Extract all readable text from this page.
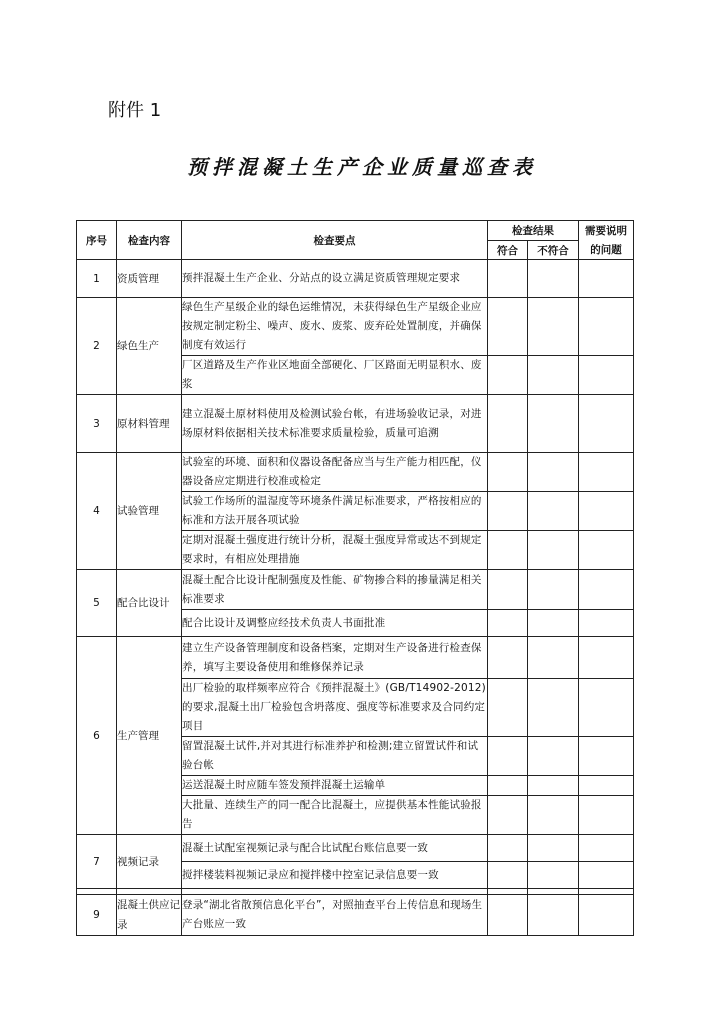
附件 1
预拌混凝土生产企业质量巡查表
序号	检查内容	检查要点	检查结果		需要说明
			符合	不符合	的问题
1	资质管理	预拌混凝土生产企业、分站点的设立满足资质管理规定要求			
2	绿色生产	绿色生产星级企业的绿色运维情况，未获得绿色生产星级企业应按规定制定粉尘、噪声、废水、废浆、废弃砼处置制度，并确保制度有效运行			
		厂区道路及生产作业区地面全部硬化、厂区路面无明显积水、废浆			
3	原材料管理	建立混凝土原材料使用及检测试验台帐，有进场验收记录，对进场原材料依据相关技术标准要求质量检验，质量可追溯			
4	试验管理	试验室的环境、面积和仪器设备配备应当与生产能力相匹配，仪器设备应定期进行校准或检定			
		试验工作场所的温湿度等环境条件满足标准要求，严格按相应的标准和方法开展各项试验			
		定期对混凝土强度进行统计分析，混凝土强度异常或达不到规定要求时，有相应处理措施			
5	配合比设计	混凝土配合比设计配制强度及性能、矿物掺合料的掺量满足相关标准要求			
		配合比设计及调整应经技术负责人书面批准			
6	生产管理	建立生产设备管理制度和设备档案，定期对生产设备进行检查保养，填写主要设备使用和维修保养记录			
		出厂检验的取样频率应符合《预拌混凝土》(GB/T14902-2012)的要求,混凝土出厂检验包含坍落度、强度等标准要求及合同约定项目			
		留置混凝土试件,并对其进行标准养护和检测;建立留置试件和试验台帐			
		运送混凝土时应随车签发预拌混凝土运输单			
		大批量、连续生产的同一配合比混凝土，应提供基本性能试验报告			
7	视频记录	混凝土试配室视频记录与配合比试配台账信息要一致			
		搅拌楼装料视频记录应和搅拌楼中控室记录信息要一致			

9	混凝土供应记录	登录“湖北省散预信息化平台”，对照抽查平台上传信息和现场生产台账应一致			
